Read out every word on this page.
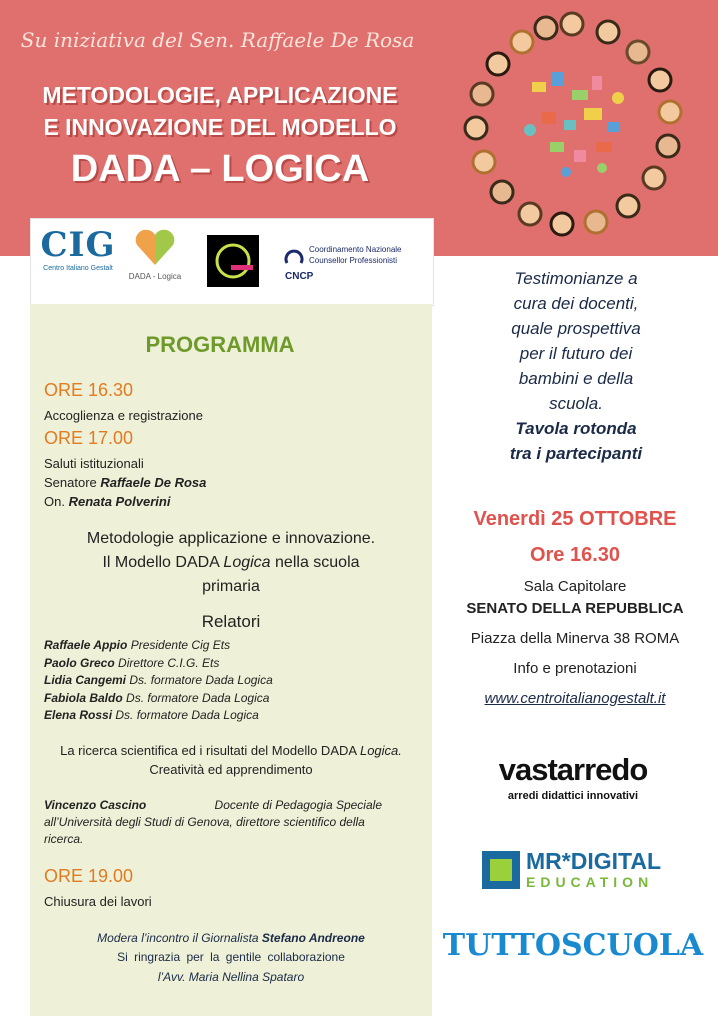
Su iniziativa del Sen. Raffaele De Rosa
METODOLOGIE, APPLICAZIONE
E INNOVAZIONE DEL MODELLO
DADA – LOGICA
CIG
Centro Italiano Gestalt
DADA - Logica
Coordinamento Nazionale
Counsellor Professionisti
CNCP
PROGRAMMA
ORE 16.30
Accoglienza e registrazione
ORE 17.00
Saluti istituzionali
Senatore Raffaele De Rosa
On. Renata Polverini
Metodologie applicazione e innovazione.
Il Modello DADA Logica nella scuola
primaria
Relatori
Raffaele Appio Presidente Cig Ets
Paolo Greco Direttore C.I.G. Ets
Lidia Cangemi Ds. formatore Dada Logica
Fabiola Baldo Ds. formatore Dada Logica
Elena Rossi Ds. formatore Dada Logica
La ricerca scientifica ed i risultati del Modello DADA Logica.
Creatività ed apprendimento
Vincenzo Cascino	Docente di Pedagogia Speciale
all’Università degli Studi di Genova, direttore scientifico della
ricerca.
ORE 19.00
Chiusura dei lavori
Modera l’incontro il Giornalista Stefano Andreone
Si ringrazia per la gentile collaborazione
l’Avv. Maria Nellina Spataro
Testimonianze a
cura dei docenti,
quale prospettiva
per il futuro dei
bambini e della
scuola.
Tavola rotonda
tra i partecipanti
Venerdì 25 OTTOBRE
Ore 16.30
Sala Capitolare
SENATO DELLA REPUBBLICA
Piazza della Minerva 38 ROMA
Info e prenotazioni
www.centroitalianogestalt.it
vastarredo
arredi didattici innovativi
MR*DIGITAL
EDUCATION
TUTTOSCUOLA
